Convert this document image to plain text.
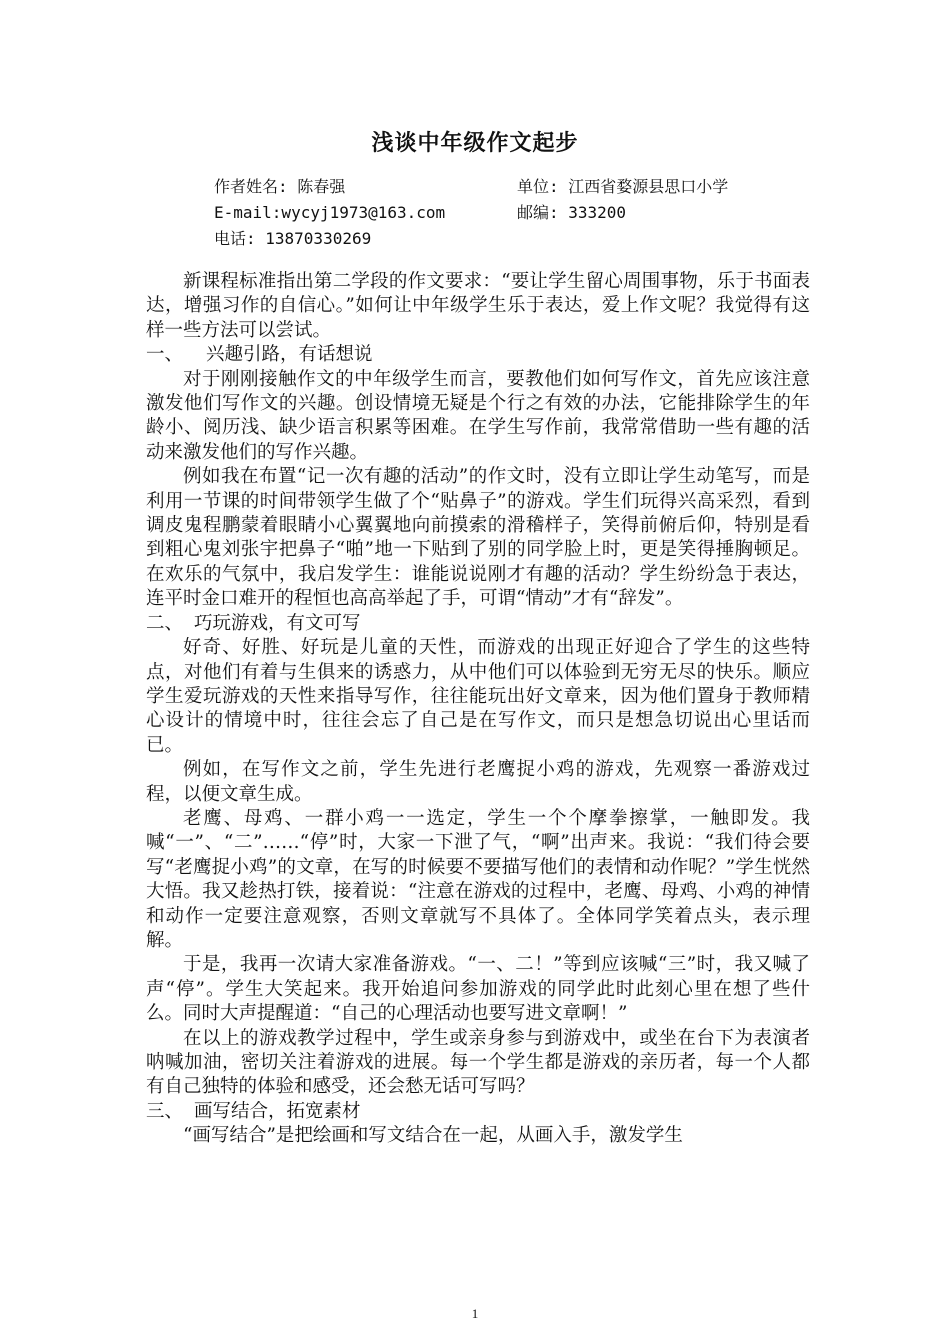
浅谈中年级作文起步
作者姓名: 陈春强	单位: 江西省婺源县思口小学
E-mail:wycyj1973@163.com	邮编: 333200
电话: 13870330269

新课程标准指出第二学段的作文要求：“要让学生留心周围事物，乐于书面表达，增强习作的自信心。”如何让中年级学生乐于表达，爱上作文呢？我觉得有这样一些方法可以尝试。

一、 兴趣引路，有话想说

对于刚刚接触作文的中年级学生而言，要教他们如何写作文，首先应该注意激发他们写作文的兴趣。创设情境无疑是个行之有效的办法，它能排除学生的年龄小、阅历浅、缺少语言积累等困难。在学生写作前，我常常借助一些有趣的活动来激发他们的写作兴趣。

例如我在布置“记一次有趣的活动”的作文时，没有立即让学生动笔写，而是利用一节课的时间带领学生做了个“贴鼻子”的游戏。学生们玩得兴高采烈，看到调皮鬼程鹏蒙着眼睛小心翼翼地向前摸索的滑稽样子，笑得前俯后仰，特别是看到粗心鬼刘张宇把鼻子“啪”地一下贴到了别的同学脸上时，更是笑得捶胸顿足。在欢乐的气氛中，我启发学生：谁能说说刚才有趣的活动？学生纷纷急于表达，连平时金口难开的程恒也高高举起了手，可谓“情动”才有“辞发”。

二、 巧玩游戏，有文可写

好奇、好胜、好玩是儿童的天性，而游戏的出现正好迎合了学生的这些特点，对他们有着与生俱来的诱惑力，从中他们可以体验到无穷无尽的快乐。顺应学生爱玩游戏的天性来指导写作，往往能玩出好文章来，因为他们置身于教师精心设计的情境中时，往往会忘了自己是在写作文，而只是想急切说出心里话而已。

例如，在写作文之前，学生先进行老鹰捉小鸡的游戏，先观察一番游戏过程，以便文章生成。

老鹰、母鸡、一群小鸡一一选定，学生一个个摩拳擦掌，一触即发。我喊“一”、“二”……“停”时，大家一下泄了气，“啊”出声来。我说：“我们待会要写“老鹰捉小鸡”的文章，在写的时候要不要描写他们的表情和动作呢？”学生恍然大悟。我又趁热打铁，接着说：“注意在游戏的过程中，老鹰、母鸡、小鸡的神情和动作一定要注意观察，否则文章就写不具体了。全体同学笑着点头，表示理解。

于是，我再一次请大家准备游戏。“一、二！”等到应该喊“三”时，我又喊了声“停”。学生大笑起来。我开始追问参加游戏的同学此时此刻心里在想了些什么。同时大声提醒道：“自己的心理活动也要写进文章啊！”

在以上的游戏教学过程中，学生或亲身参与到游戏中，或坐在台下为表演者呐喊加油，密切关注着游戏的进展。每一个学生都是游戏的亲历者，每一个人都有自己独特的体验和感受，还会愁无话可写吗？

三、 画写结合，拓宽素材

“画写结合”是把绘画和写文结合在一起，从画入手，激发学生

1
